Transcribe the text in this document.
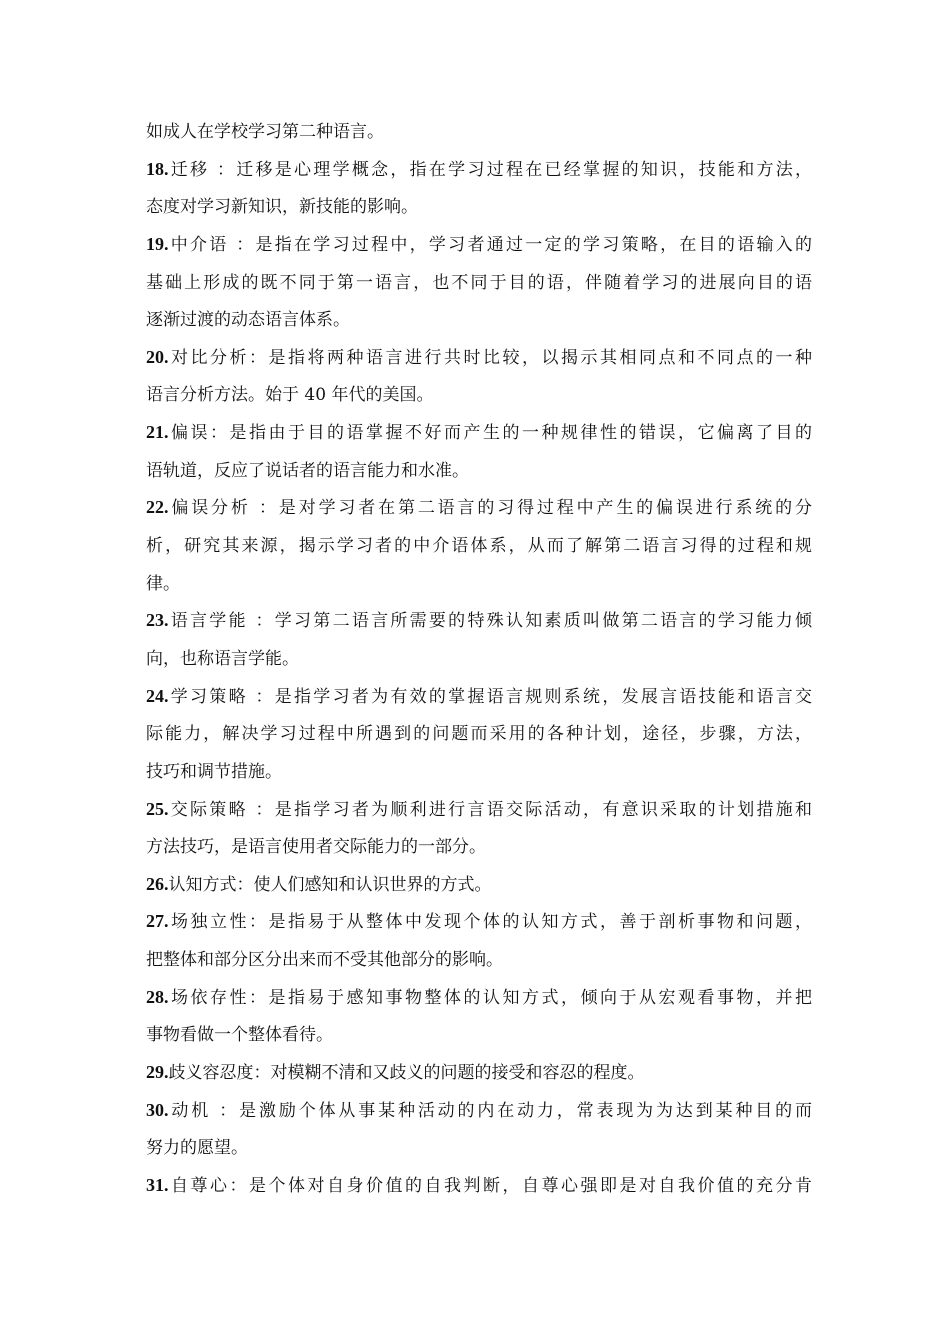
如成人在学校学习第二种语言。
18.迁移 ：迁移是心理学概念，指在学习过程在已经掌握的知识，技能和方法，
态度对学习新知识，新技能的影响。
19.中介语 ：是指在学习过程中，学习者通过一定的学习策略，在目的语输入的
基础上形成的既不同于第一语言，也不同于目的语，伴随着学习的进展向目的语
逐渐过渡的动态语言体系。
20.对比分析：是指将两种语言进行共时比较，以揭示其相同点和不同点的一种
语言分析方法。始于 40 年代的美国。
21.偏误：是指由于目的语掌握不好而产生的一种规律性的错误，它偏离了目的
语轨道，反应了说话者的语言能力和水准。
22.偏误分析 ：是对学习者在第二语言的习得过程中产生的偏误进行系统的分
析，研究其来源，揭示学习者的中介语体系，从而了解第二语言习得的过程和规
律。
23.语言学能 ：学习第二语言所需要的特殊认知素质叫做第二语言的学习能力倾
向，也称语言学能。
24.学习策略 ：是指学习者为有效的掌握语言规则系统，发展言语技能和语言交
际能力，解决学习过程中所遇到的问题而采用的各种计划，途径，步骤，方法，
技巧和调节措施。
25.交际策略 ：是指学习者为顺利进行言语交际活动，有意识采取的计划措施和
方法技巧，是语言使用者交际能力的一部分。
26.认知方式：使人们感知和认识世界的方式。
27.场独立性：是指易于从整体中发现个体的认知方式，善于剖析事物和问题，
把整体和部分区分出来而不受其他部分的影响。
28.场依存性：是指易于感知事物整体的认知方式，倾向于从宏观看事物，并把
事物看做一个整体看待。
29.歧义容忍度：对模糊不清和又歧义的问题的接受和容忍的程度。
30.动机 ：是激励个体从事某种活动的内在动力，常表现为为达到某种目的而
努力的愿望。
31.自尊心：是个体对自身价值的自我判断，自尊心强即是对自我价值的充分肯
